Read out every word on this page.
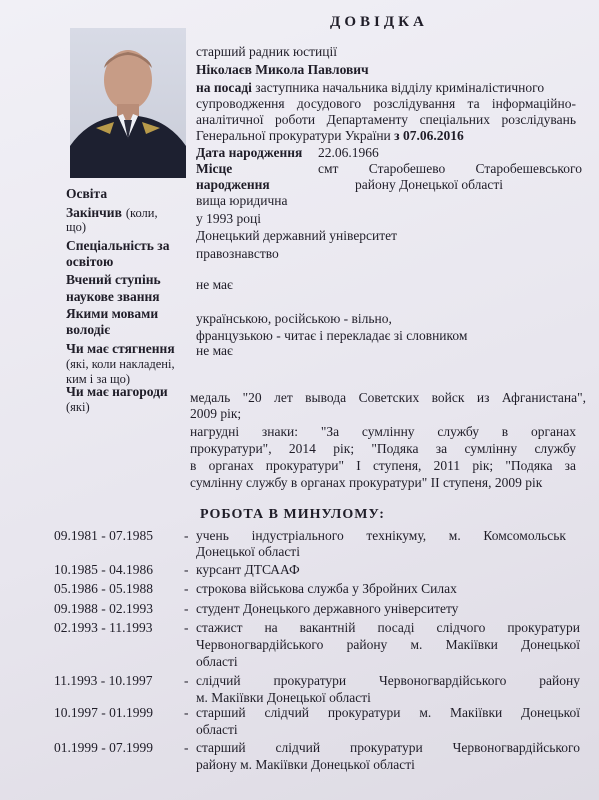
ДОВІДКА
старший радник юстиції
Ніколаєв Микола Павлович
на посаді заступника начальника відділу криміналістичного
супроводження досудового розслідування та інформаційно-
аналітичної роботи Департаменту спеціальних розслідувань
Генеральної прокуратури України з 07.06.2016
Дата народження 22.06.1966
Місце
народження
смт Старобешево Старобешевського
району Донецької області
Освіта	вища юридична
Закінчив (коли,
що)
у 1993 році
Донецький державний університет
Спеціальність за
освітою
правознавство
Вчений ступінь
наукове звання
не має
Якими мовами
володіє
українською, російською - вільно,
французькою - читає і перекладає зі словником
Чи має стягнення не має
(які, коли накладені,
ким і за що)
Чи має нагороди
(які)
медаль "20 лет вывода Советских войск из Афганистана",
2009 рік;
нагрудні знаки: "За сумлінну службу в органах
прокуратури", 2014 рік; "Подяка за сумлінну службу
в органах прокуратури" I ступеня, 2011 рік; "Подяка за
сумлінну службу в органах прокуратури" II ступеня, 2009 рік
РОБОТА В МИНУЛОМУ:
09.1981 - 07.1985 - учень індустріального технікуму, м. Комсомольськ
Донецької області
10.1985 - 04.1986 - курсант ДТСААФ
05.1986 - 05.1988 - строкова військова служба у Збройних Силах
09.1988 - 02.1993 - студент Донецького державного університету
02.1993 - 11.1993 - стажист на вакантній посаді слідчого прокуратури
Червоногвардійського району м. Макіївки Донецької
області
11.1993 - 10.1997 - слідчий прокуратури Червоногвардійського району
м. Макіївки Донецької області
10.1997 - 01.1999 - старший слідчий прокуратури м. Макіївки Донецької
області
01.1999 - 07.1999 - старший слідчий прокуратури Червоногвардійського
району м. Макіївки Донецької області
